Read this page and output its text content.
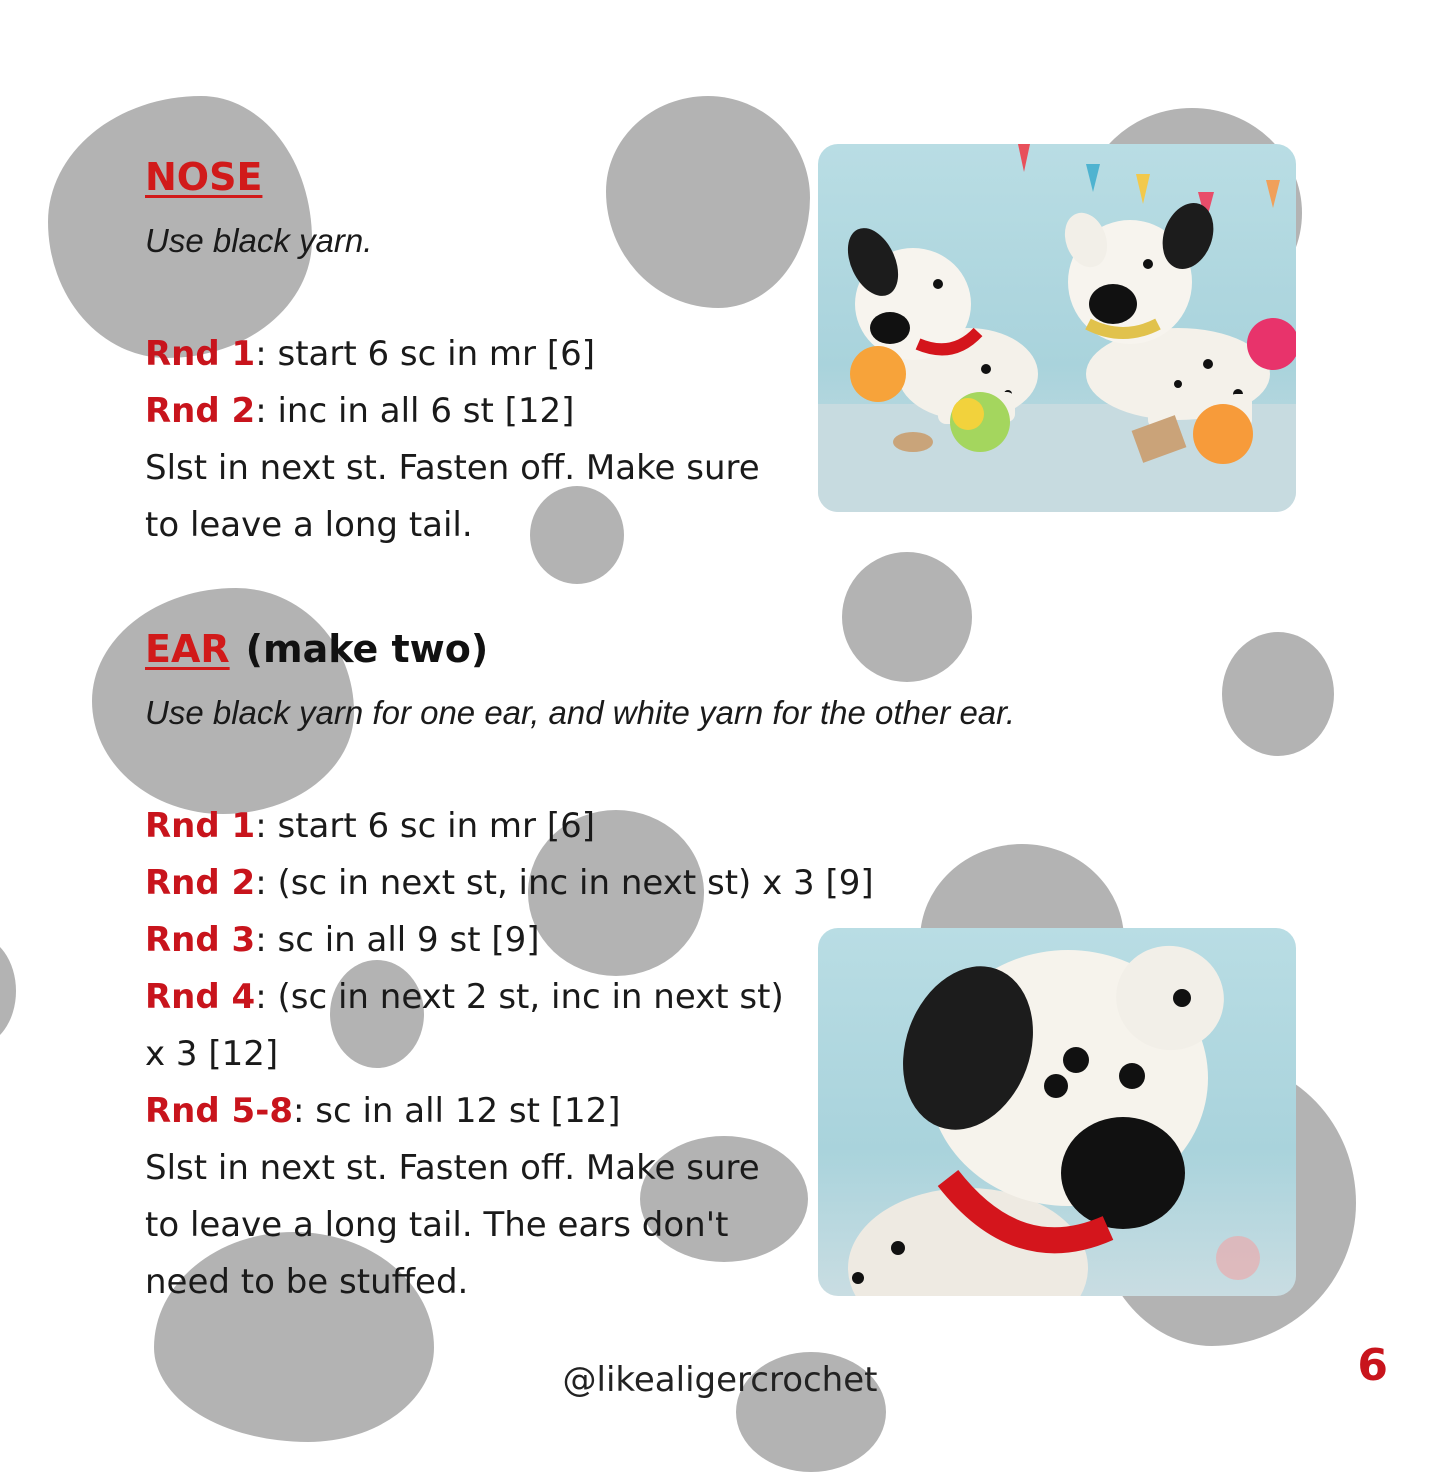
NOSE

Use black yarn.

Rnd 1: start 6 sc in mr [6]
Rnd 2: inc in all 6 st [12]
Slst in next st. Fasten off. Make sure
to leave a long tail.
EAR (make two)

Use black yarn for one ear, and white yarn for the other ear.

Rnd 1: start 6 sc in mr [6]
Rnd 2: (sc in next st, inc in next st) x 3 [9]
Rnd 3: sc in all 9 st [9]
Rnd 4: (sc in next 2 st, inc in next st)
x 3 [12]
Rnd 5-8: sc in all 12 st [12]
Slst in next st. Fasten off. Make sure
to leave a long tail. The ears don't
need to be stuffed.
@likealigercrochet	6
